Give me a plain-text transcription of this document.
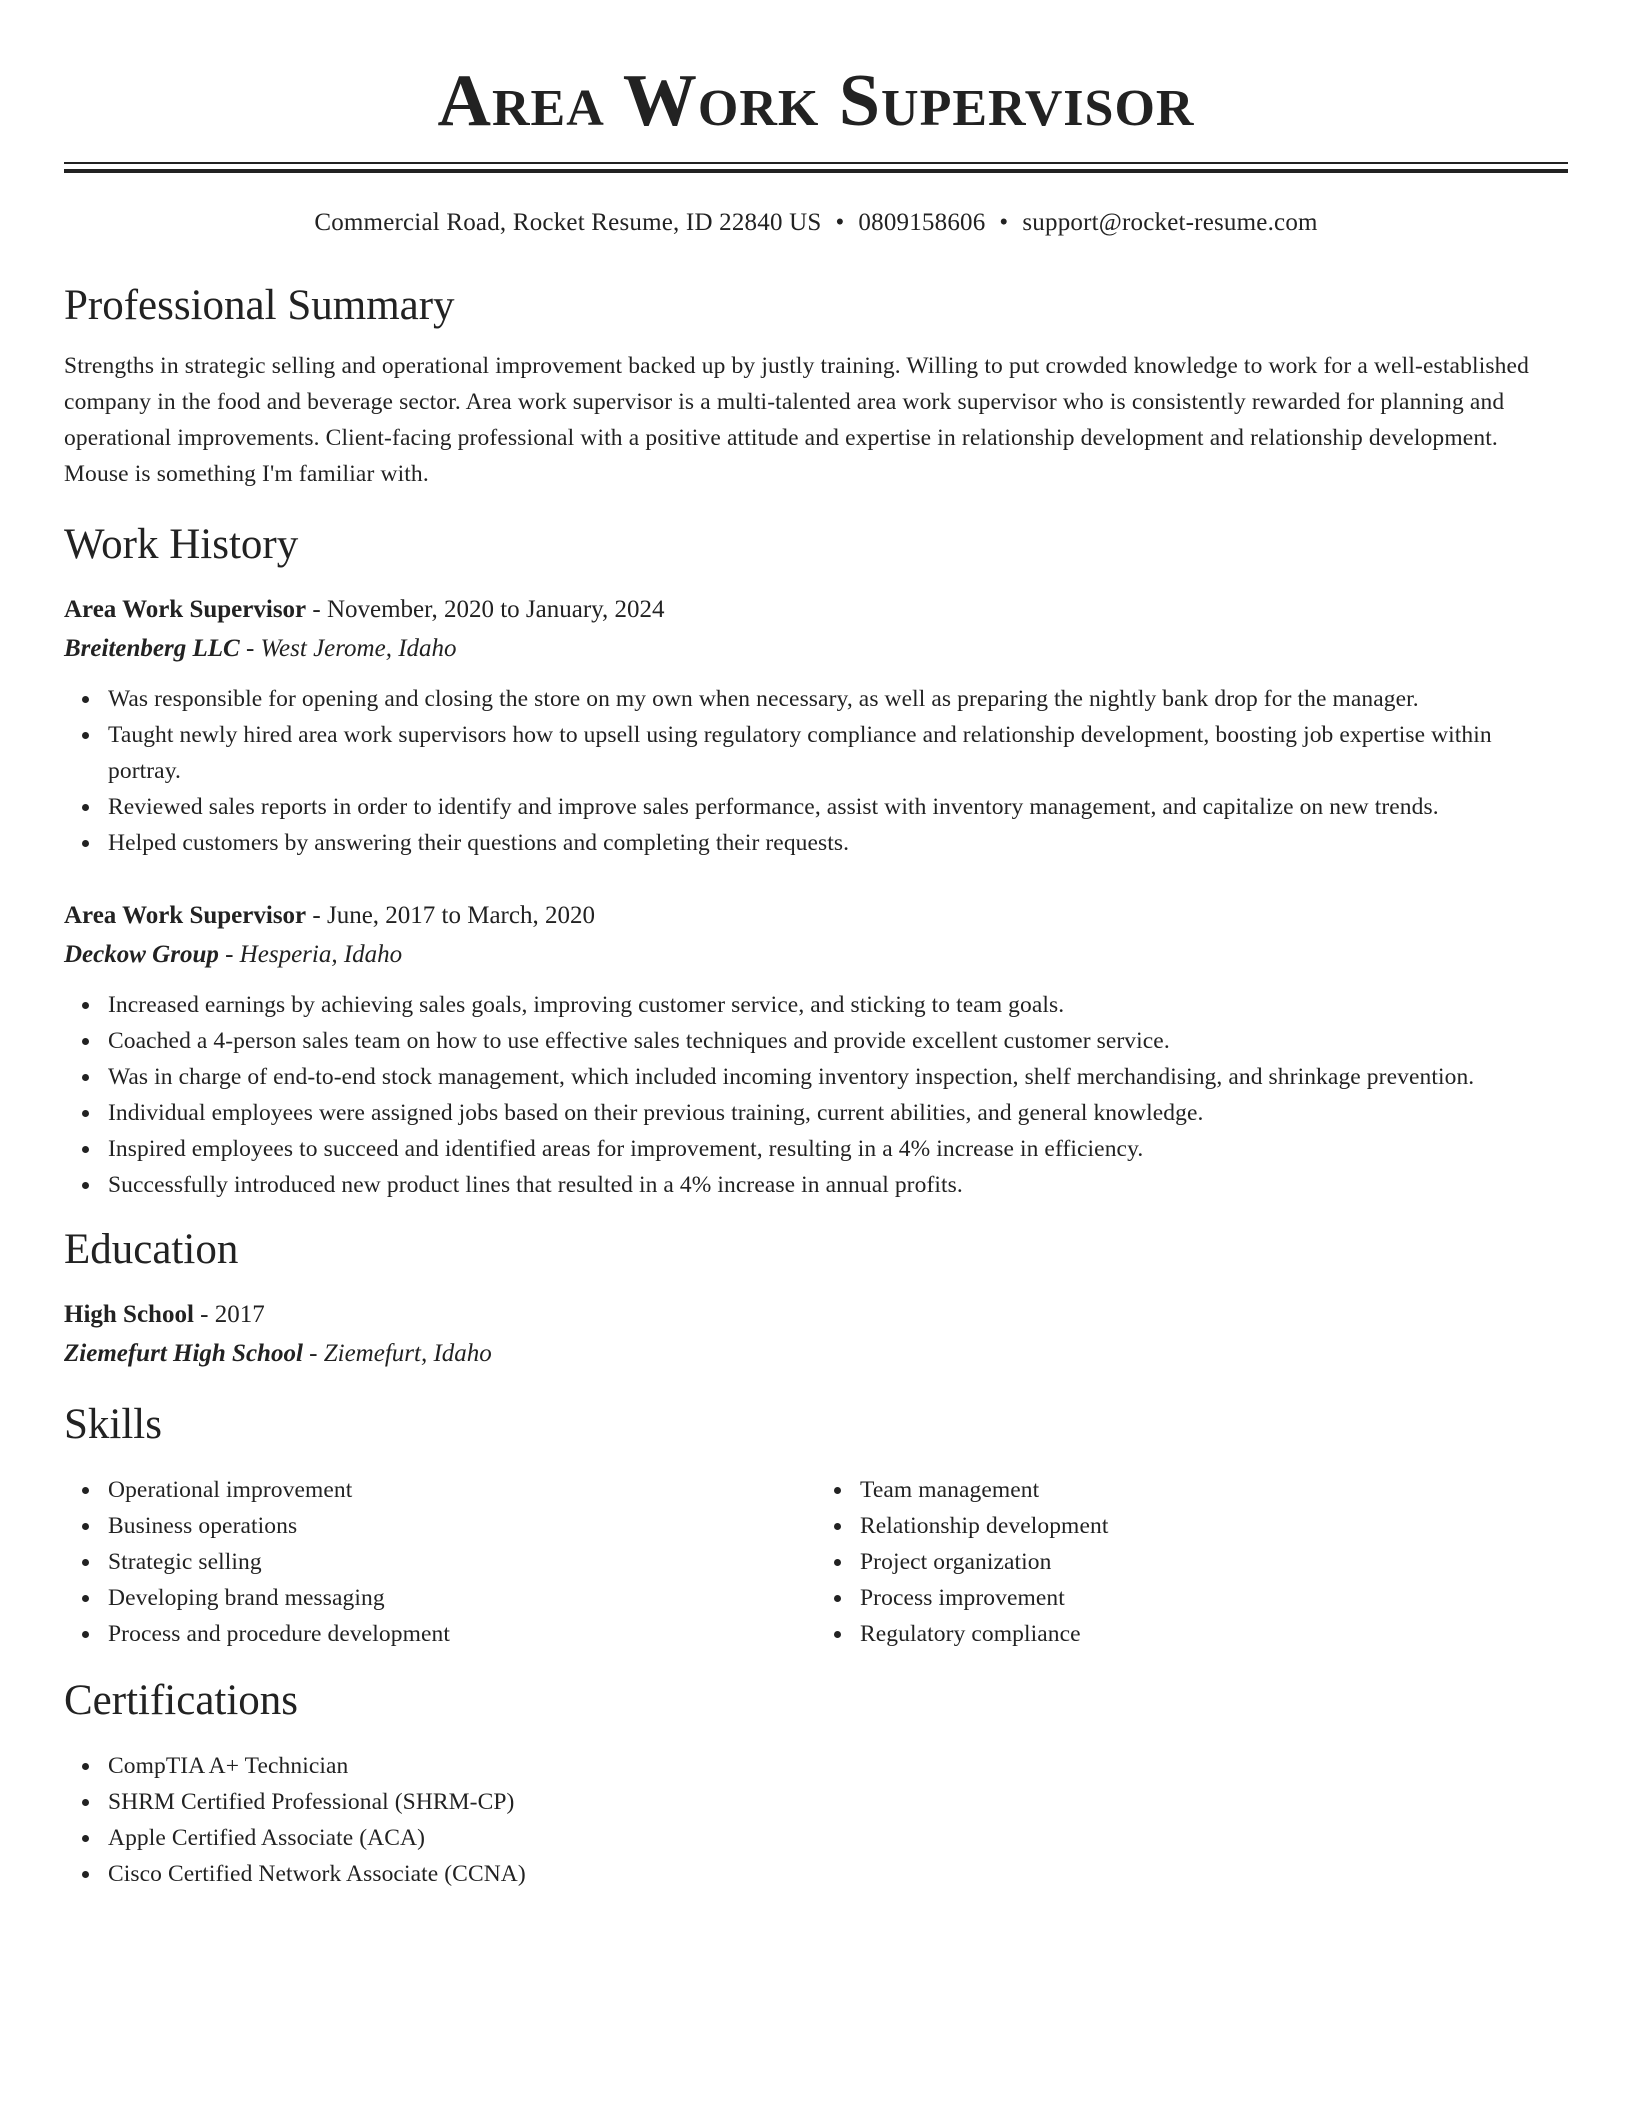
Area Work Supervisor
Commercial Road, Rocket Resume, ID 22840 US • 0809158606 • support@rocket-resume.com
Professional Summary
Strengths in strategic selling and operational improvement backed up by justly training. Willing to put crowded knowledge to work for a well-established company in the food and beverage sector. Area work supervisor is a multi-talented area work supervisor who is consistently rewarded for planning and operational improvements. Client-facing professional with a positive attitude and expertise in relationship development and relationship development. Mouse is something I'm familiar with.
Work History
Area Work Supervisor - November, 2020 to January, 2024
Breitenberg LLC - West Jerome, Idaho
Was responsible for opening and closing the store on my own when necessary, as well as preparing the nightly bank drop for the manager.
Taught newly hired area work supervisors how to upsell using regulatory compliance and relationship development, boosting job expertise within portray.
Reviewed sales reports in order to identify and improve sales performance, assist with inventory management, and capitalize on new trends.
Helped customers by answering their questions and completing their requests.
Area Work Supervisor - June, 2017 to March, 2020
Deckow Group - Hesperia, Idaho
Increased earnings by achieving sales goals, improving customer service, and sticking to team goals.
Coached a 4-person sales team on how to use effective sales techniques and provide excellent customer service.
Was in charge of end-to-end stock management, which included incoming inventory inspection, shelf merchandising, and shrinkage prevention.
Individual employees were assigned jobs based on their previous training, current abilities, and general knowledge.
Inspired employees to succeed and identified areas for improvement, resulting in a 4% increase in efficiency.
Successfully introduced new product lines that resulted in a 4% increase in annual profits.
Education
High School - 2017
Ziemefurt High School - Ziemefurt, Idaho
Skills
Operational improvement
Business operations
Strategic selling
Developing brand messaging
Process and procedure development
Team management
Relationship development
Project organization
Process improvement
Regulatory compliance
Certifications
CompTIA A+ Technician
SHRM Certified Professional (SHRM-CP)
Apple Certified Associate (ACA)
Cisco Certified Network Associate (CCNA)
